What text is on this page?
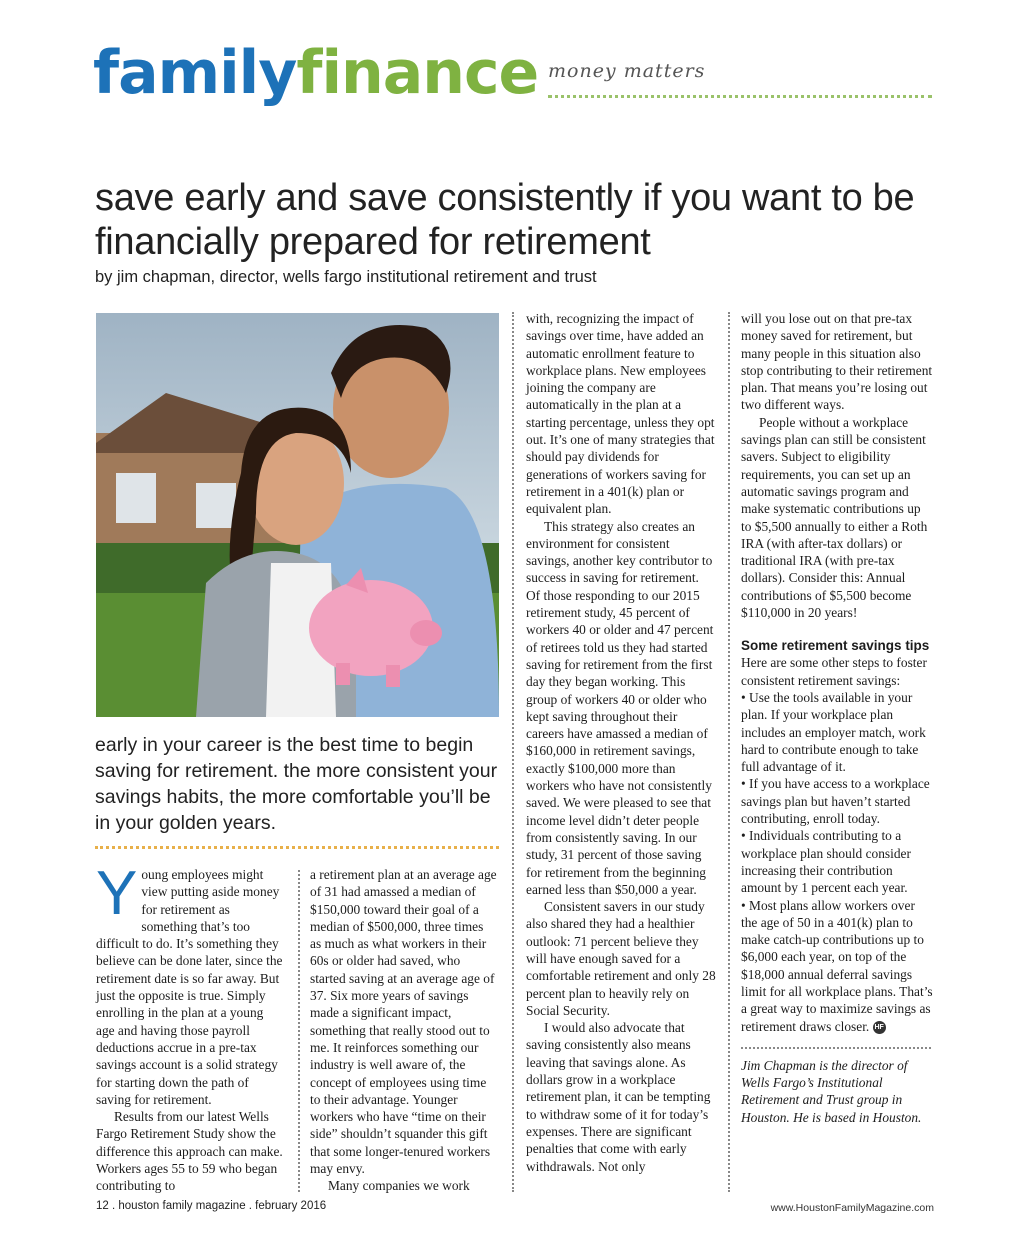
familyfinance money matters
save early and save consistently if you want to be financially prepared for retirement
by jim chapman, director, wells fargo institutional retirement and trust
early in your career is the best time to begin saving for retirement. the more consistent your savings habits, the more comfortable you’ll be in your golden years.
Y oung employees might view putting aside money for retirement as something that’s too difficult to do. It’s something they believe can be done later, since the retirement date is so far away. But just the opposite is true. Simply enrolling in the plan at a young age and having those payroll deductions accrue in a pre-tax savings account is a solid strategy for starting down the path of saving for retirement.

Results from our latest Wells Fargo Retirement Study show the difference this approach can make. Workers ages 55 to 59 who began contributing to

a retirement plan at an average age of 31 had amassed a median of $150,000 toward their goal of a median of $500,000, three times as much as what workers in their 60s or older had saved, who started saving at an average age of 37. Six more years of savings made a significant impact, something that really stood out to me. It reinforces something our industry is well aware of, the concept of employees using time to their advantage. Younger workers who have “time on their side” shouldn’t squander this gift that some longer-tenured workers may envy.

Many companies we work

with, recognizing the impact of savings over time, have added an automatic enrollment feature to workplace plans. New employees joining the company are automatically in the plan at a starting percentage, unless they opt out. It’s one of many strategies that should pay dividends for generations of workers saving for retirement in a 401(k) plan or equivalent plan.

This strategy also creates an environment for consistent savings, another key contributor to success in saving for retirement. Of those responding to our 2015 retirement study, 45 percent of workers 40 or older and 47 percent of retirees told us they had started saving for retirement from the first day they began working. This group of workers 40 or older who kept saving throughout their careers have amassed a median of $160,000 in retirement savings, exactly $100,000 more than workers who have not consistently saved. We were pleased to see that income level didn’t deter people from consistently saving. In our study, 31 percent of those saving for retirement from the beginning earned less than $50,000 a year.

Consistent savers in our study also shared they had a healthier outlook: 71 percent believe they will have enough saved for a comfortable retirement and only 28 percent plan to heavily rely on Social Security.

I would also advocate that saving consistently also means leaving that savings alone. As dollars grow in a workplace retirement plan, it can be tempting to withdraw some of it for today’s expenses. There are significant penalties that come with early withdrawals. Not only

will you lose out on that pre-tax money saved for retirement, but many people in this situation also stop contributing to their retirement plan. That means you’re losing out two different ways.

People without a workplace savings plan can still be consistent savers. Subject to eligibility requirements, you can set up an automatic savings program and make systematic contributions up to $5,500 annually to either a Roth IRA (with after-tax dollars) or traditional IRA (with pre-tax dollars). Consider this: Annual contributions of $5,500 become $110,000 in 20 years!

Some retirement savings tips

Here are some other steps to foster consistent retirement savings:

• Use the tools available in your plan. If your workplace plan includes an employer match, work hard to contribute enough to take full advantage of it.

• If you have access to a workplace savings plan but haven’t started contributing, enroll today.

• Individuals contributing to a workplace plan should consider increasing their contribution amount by 1 percent each year.

• Most plans allow workers over the age of 50 in a 401(k) plan to make catch-up contributions up to $6,000 each year, on top of the $18,000 annual deferral savings limit for all workplace plans. That’s a great way to maximize savings as retirement draws closer. HF

Jim Chapman is the director of Wells Fargo’s Institutional Retirement and Trust group in Houston. He is based in Houston.

12 . houston family magazine . february 2016	www.HoustonFamilyMagazine.com
